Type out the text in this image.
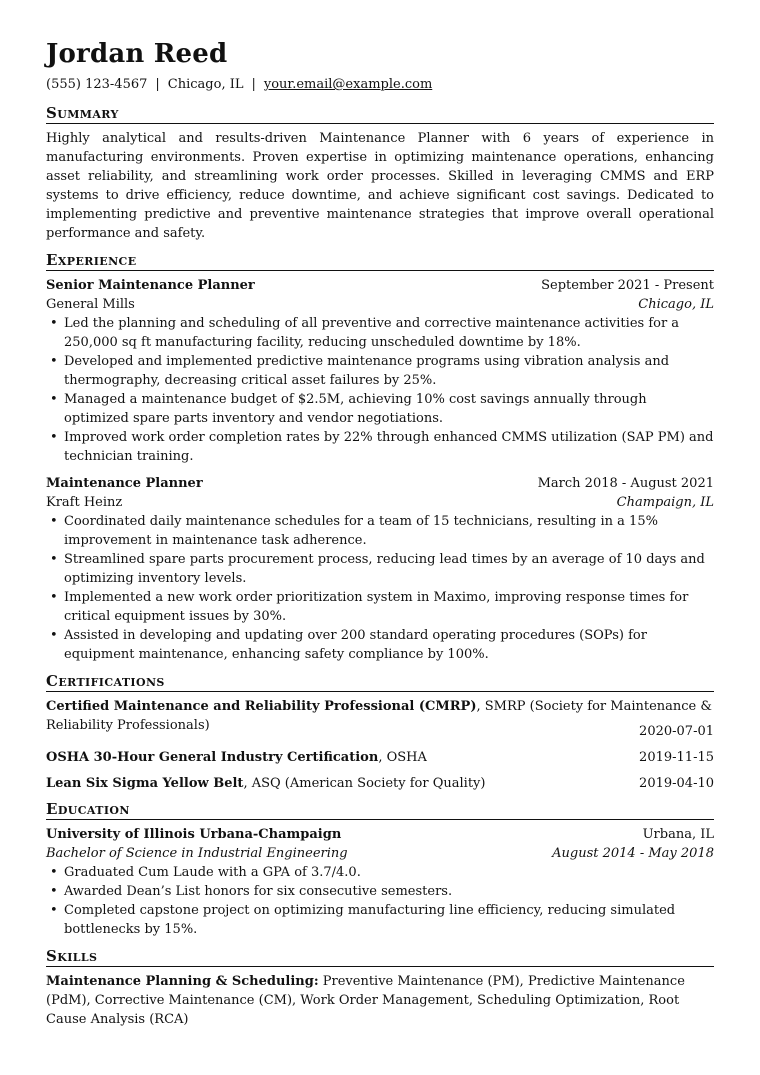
Jordan Reed
(555) 123-4567 | Chicago, IL | your.email@example.com
Summary

Highly analytical and results-driven Maintenance Planner with 6 years of experience in manufacturing environments. Proven expertise in optimizing maintenance operations, enhancing asset reliability, and streamlining work order processes. Skilled in leveraging CMMS and ERP systems to drive efficiency, reduce downtime, and achieve significant cost savings. Dedicated to implementing predictive and preventive maintenance strategies that improve overall operational performance and safety.

Experience
Senior Maintenance Planner	September 2021 - Present
General Mills	Chicago, IL
• Led the planning and scheduling of all preventive and corrective maintenance activities for a 250,000 sq ft manufacturing facility, reducing unscheduled downtime by 18%.
• Developed and implemented predictive maintenance programs using vibration analysis and thermography, decreasing critical asset failures by 25%.
• Managed a maintenance budget of $2.5M, achieving 10% cost savings annually through optimized spare parts inventory and vendor negotiations.
• Improved work order completion rates by 22% through enhanced CMMS utilization (SAP PM) and technician training.
Maintenance Planner	March 2018 - August 2021
Kraft Heinz	Champaign, IL
• Coordinated daily maintenance schedules for a team of 15 technicians, resulting in a 15% improvement in maintenance task adherence.
• Streamlined spare parts procurement process, reducing lead times by an average of 10 days and optimizing inventory levels.
• Implemented a new work order prioritization system in Maximo, improving response times for critical equipment issues by 30%.
• Assisted in developing and updating over 200 standard operating procedures (SOPs) for equipment maintenance, enhancing safety compliance by 100%.
Certifications
Certified Maintenance and Reliability Professional (CMRP), SMRP (Society for Maintenance & Reliability Professionals)	2020-07-01
OSHA 30-Hour General Industry Certification, OSHA	2019-11-15
Lean Six Sigma Yellow Belt, ASQ (American Society for Quality)	2019-04-10
Education
University of Illinois Urbana-Champaign	Urbana, IL
Bachelor of Science in Industrial Engineering	August 2014 - May 2018
• Graduated Cum Laude with a GPA of 3.7/4.0.
• Awarded Dean’s List honors for six consecutive semesters.
• Completed capstone project on optimizing manufacturing line efficiency, reducing simulated bottlenecks by 15%.
Skills

Maintenance Planning & Scheduling: Preventive Maintenance (PM), Predictive Maintenance (PdM), Corrective Maintenance (CM), Work Order Management, Scheduling Optimization, Root Cause Analysis (RCA)
